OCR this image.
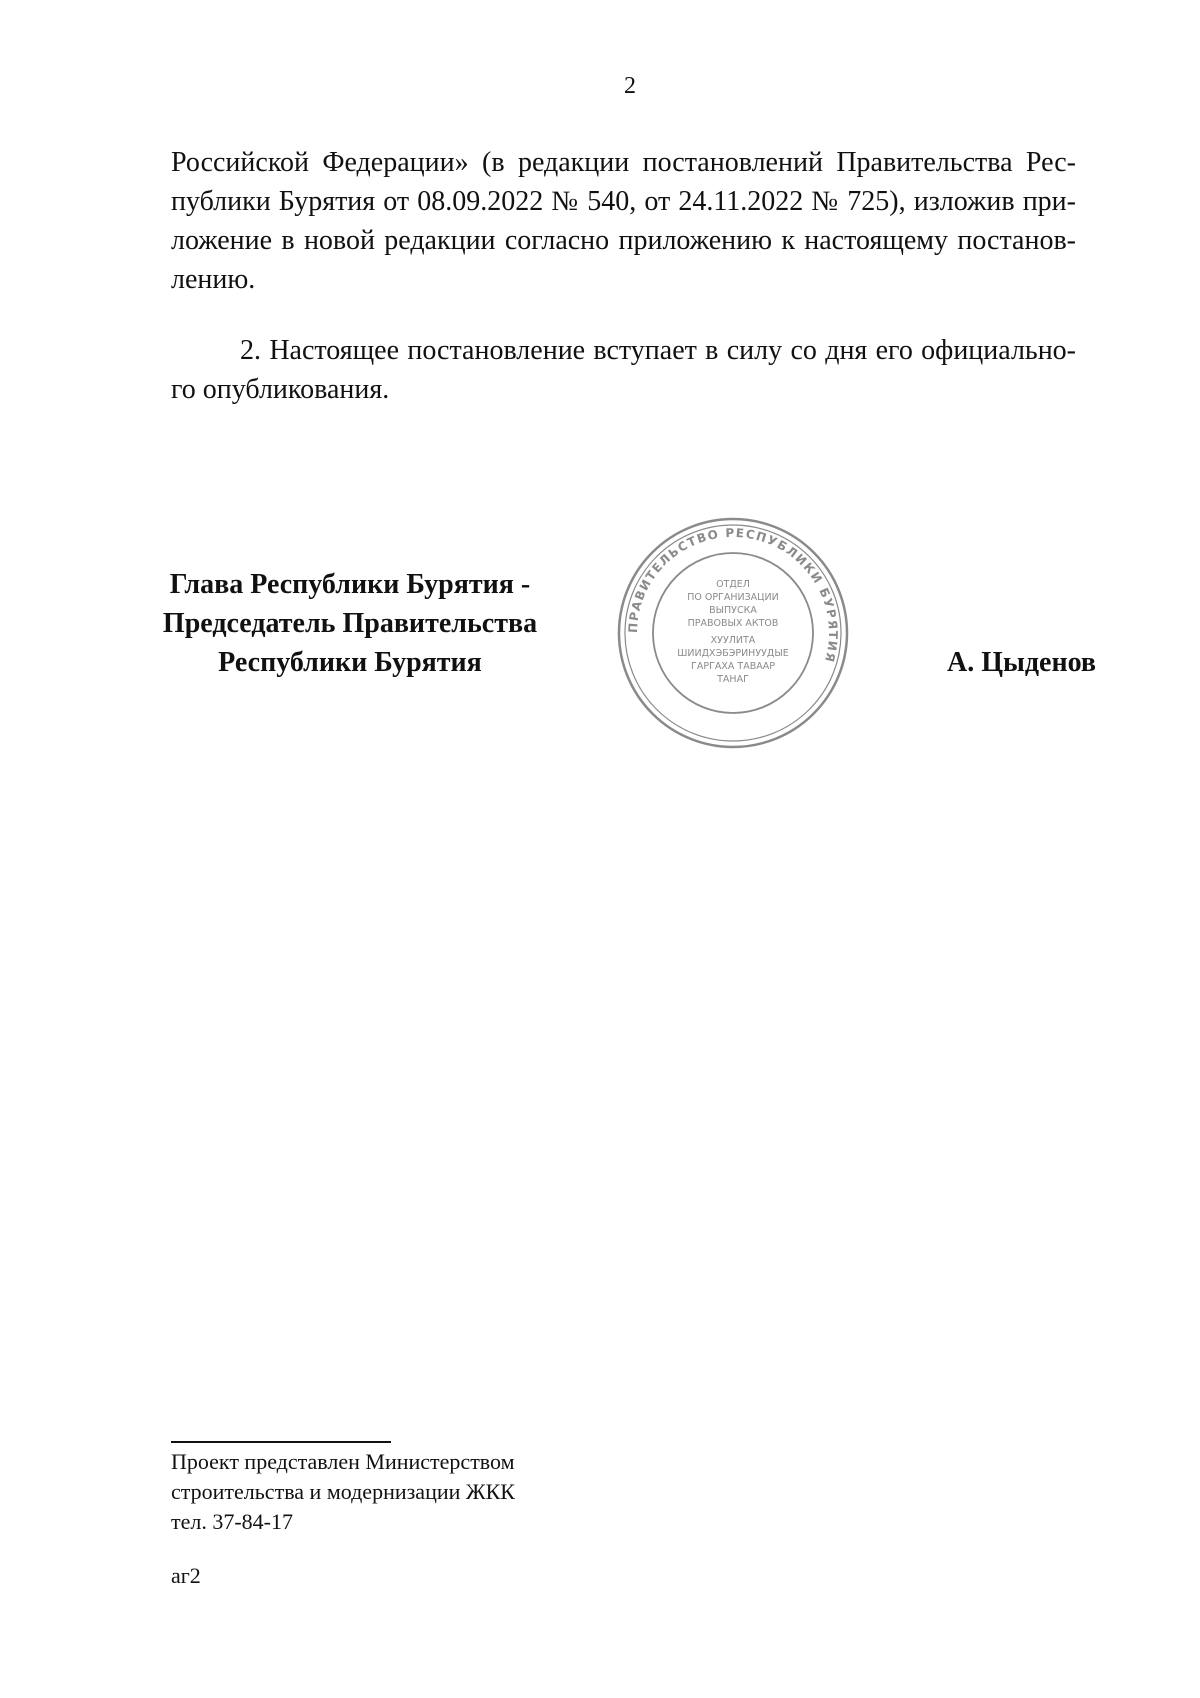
2

Российской Федерации» (в редакции постановлений Правительства Республики Бурятия от 08.09.2022 № 540, от 24.11.2022 № 725), изложив приложение в новой редакции согласно приложению к настоящему постановлению.

2. Настоящее постановление вступает в силу со дня его официального опубликования.

Глава Республики Бурятия -
Председатель Правительства
Республики Бурятия
ПРАВИТЕЛЬСТВО РЕСПУБЛИКИ БУРЯТИЯ
ОТДЕЛ
ПО ОРГАНИЗАЦИИ
ВЫПУСКА
ПРАВОВЫХ АКТОВ
ХУУЛИТА
ШИИДХЭБЭРИНУУДЫЕ
ГАРГАХА ТАВААР
ТАНАГ
А. Цыденов
Проект представлен Министерством
строительства и модернизации ЖКК
тел. 37-84-17
аг2
